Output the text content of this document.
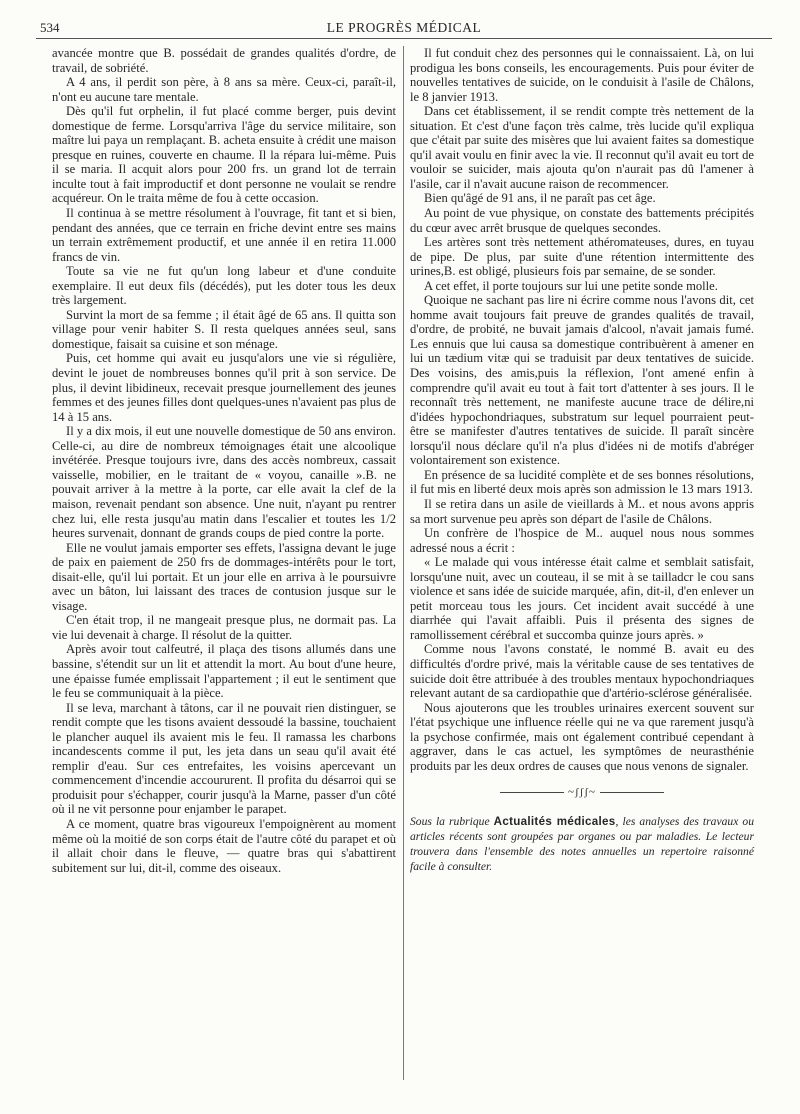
534	LE PROGRÈS MÉDICAL

avancée montre que B. possédait de grandes qualités d'ordre, de travail, de sobriété.

A 4 ans, il perdit son père, à 8 ans sa mère. Ceux-ci, paraît-il, n'ont eu aucune tare mentale.

Dès qu'il fut orphelin, il fut placé comme berger, puis devint domestique de ferme. Lorsqu'arriva l'âge du service militaire, son maître lui paya un remplaçant. B. acheta ensuite à crédit une maison presque en ruines, couverte en chaume. Il la répara lui-même. Puis il se maria. Il acquit alors pour 200 frs. un grand lot de terrain inculte tout à fait improductif et dont personne ne voulait se rendre acquéreur. On le traita même de fou à cette occasion.

Il continua à se mettre résolument à l'ouvrage, fit tant et si bien, pendant des années, que ce terrain en friche devint entre ses mains un terrain extrêmement productif, et une année il en retira 11.000 francs de vin.

Toute sa vie ne fut qu'un long labeur et d'une conduite exemplaire. Il eut deux fils (décédés), put les doter tous les deux très largement.

Survint la mort de sa femme ; il était âgé de 65 ans. Il quitta son village pour venir habiter S. Il resta quelques années seul, sans domestique, faisait sa cuisine et son ménage.

Puis, cet homme qui avait eu jusqu'alors une vie si régulière, devint le jouet de nombreuses bonnes qu'il prit à son service. De plus, il devint libidineux, recevait presque journellement des jeunes femmes et des jeunes filles dont quelques-unes n'avaient pas plus de 14 à 15 ans.

Il y a dix mois, il eut une nouvelle domestique de 50 ans environ. Celle-ci, au dire de nombreux témoignages était une alcoolique invétérée. Presque toujours ivre, dans des accès nombreux, cassait vaisselle, mobilier, en le traitant de « voyou, canaille ».B. ne pouvait arriver à la mettre à la porte, car elle avait la clef de la maison, revenait pendant son absence. Une nuit, n'ayant pu rentrer chez lui, elle resta jusqu'au matin dans l'escalier et toutes les 1/2 heures survenait, donnant de grands coups de pied contre la porte.

Elle ne voulut jamais emporter ses effets, l'assigna devant le juge de paix en paiement de 250 frs de dommages-intérêts pour le tort, disait-elle, qu'il lui portait. Et un jour elle en arriva à le poursuivre avec un bâton, lui laissant des traces de contusion jusque sur le visage.

C'en était trop, il ne mangeait presque plus, ne dormait pas. La vie lui devenait à charge. Il résolut de la quitter.

Après avoir tout calfeutré, il plaça des tisons allumés dans une bassine, s'étendit sur un lit et attendit la mort. Au bout d'une heure, une épaisse fumée emplissait l'appartement ; il eut le sentiment que le feu se communiquait à la pièce.

Il se leva, marchant à tâtons, car il ne pouvait rien distinguer, se rendit compte que les tisons avaient dessoudé la bassine, touchaient le plancher auquel ils avaient mis le feu. Il ramassa les charbons incandescents comme il put, les jeta dans un seau qu'il avait été remplir d'eau. Sur ces entrefaites, les voisins apercevant un commencement d'incendie accoururent. Il profita du désarroi qui se produisit pour s'échapper, courir jusqu'à la Marne, passer d'un côté où il ne vit personne pour enjamber le parapet.

A ce moment, quatre bras vigoureux l'empoignèrent au moment même où la moitié de son corps était de l'autre côté du parapet et où il allait choir dans le fleuve, — quatre bras qui s'abattirent subitement sur lui, dit-il, comme des oiseaux.

Il fut conduit chez des personnes qui le connaissaient. Là, on lui prodigua les bons conseils, les encouragements. Puis pour éviter de nouvelles tentatives de suicide, on le conduisit à l'asile de Châlons, le 8 janvier 1913.

Dans cet établissement, il se rendit compte très nettement de la situation. Et c'est d'une façon très calme, très lucide qu'il expliqua que c'était par suite des misères que lui avaient faites sa domestique qu'il avait voulu en finir avec la vie. Il reconnut qu'il avait eu tort de vouloir se suicider, mais ajouta qu'on n'aurait pas dû l'amener à l'asile, car il n'avait aucune raison de recommencer.

Bien qu'âgé de 91 ans, il ne paraît pas cet âge.

Au point de vue physique, on constate des battements précipités du cœur avec arrêt brusque de quelques secondes.

Les artères sont très nettement athéromateuses, dures, en tuyau de pipe. De plus, par suite d'une rétention intermittente des urines,B. est obligé, plusieurs fois par semaine, de se sonder.

A cet effet, il porte toujours sur lui une petite sonde molle.

Quoique ne sachant pas lire ni écrire comme nous l'avons dit, cet homme avait toujours fait preuve de grandes qualités de travail, d'ordre, de probité, ne buvait jamais d'alcool, n'avait jamais fumé. Les ennuis que lui causa sa domestique contribuèrent à amener en lui un tædium vitæ qui se traduisit par deux tentatives de suicide. Des voisins, des amis,puis la réflexion, l'ont amené enfin à comprendre qu'il avait eu tout à fait tort d'attenter à ses jours. Il le reconnaît très nettement, ne manifeste aucune trace de délire,ni d'idées hypochondriaques, substratum sur lequel pourraient peut-être se manifester d'autres tentatives de suicide. Il paraît sincère lorsqu'il nous déclare qu'il n'a plus d'idées ni de motifs d'abréger volontairement son existence.

En présence de sa lucidité complète et de ses bonnes résolutions, il fut mis en liberté deux mois après son admission le 13 mars 1913.

Il se retira dans un asile de vieillards à M.. et nous avons appris sa mort survenue peu après son départ de l'asile de Châlons.

Un confrère de l'hospice de M.. auquel nous nous sommes adressé nous a écrit :

« Le malade qui vous intéresse était calme et semblait satisfait, lorsqu'une nuit, avec un couteau, il se mit à se tailladcr le cou sans violence et sans idée de suicide marquée, afin, dit-il, d'en enlever un petit morceau tous les jours. Cet incident avait succédé à une diarrhée qui l'avait affaibli. Puis il présenta des signes de ramollissement cérébral et succomba quinze jours après. »

Comme nous l'avons constaté, le nommé B. avait eu des difficultés d'ordre privé, mais la véritable cause de ses tentatives de suicide doit être attribuée à des troubles mentaux hypochondriaques relevant autant de sa cardiopathie que d'artério-sclérose généralisée.

Nous ajouterons que les troubles urinaires exercent souvent sur l'état psychique une influence réelle qui ne va que rarement jusqu'à la psychose confirmée, mais ont également contribué cependant à aggraver, dans le cas actuel, les symptômes de neurasthénie produits par les deux ordres de causes que nous venons de signaler.

~ʃʃʃ~

Sous la rubrique Actualités médicales, les analyses des travaux ou articles récents sont groupées par organes ou par maladies. Le lecteur trouvera dans l'ensemble des notes annuelles un repertoire raisonné facile à consulter.
